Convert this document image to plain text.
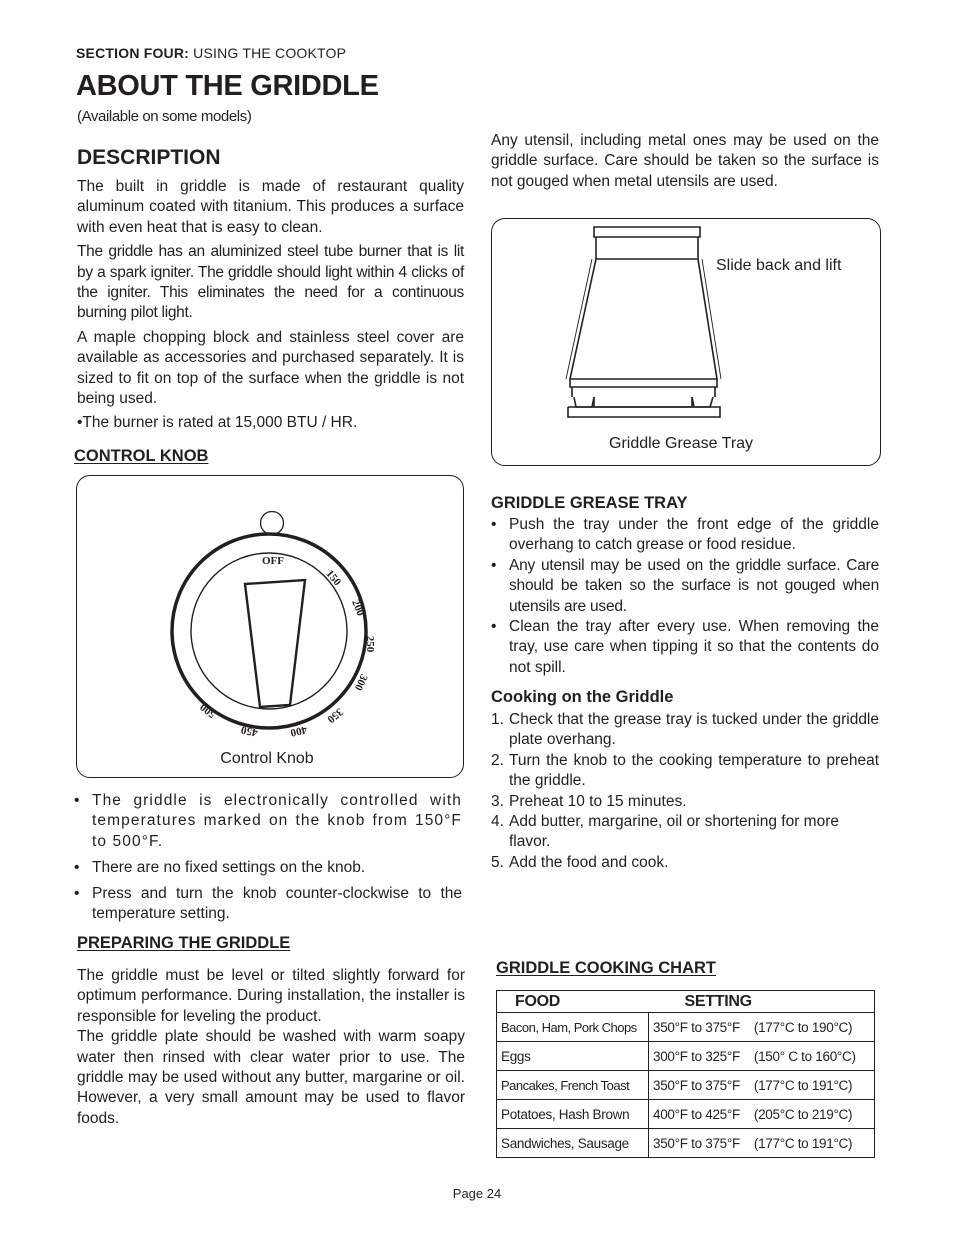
SECTION FOUR: USING THE COOKTOP
ABOUT THE GRIDDLE
(Available on some models)
DESCRIPTION
The built in griddle is made of restaurant quality aluminum coated with titanium. This produces a surface with even heat that is easy to clean.
The griddle has an aluminized steel tube burner that is lit by a spark igniter. The griddle should light within 4 clicks of the igniter. This eliminates the need for a continuous burning pilot light.
A maple chopping block and stainless steel cover are available as accessories and purchased separately. It is sized to fit on top of the surface when the griddle is not being used.
•The burner is rated at 15,000 BTU / HR.
CONTROL KNOB
OFF
150
200
250
300
350
400
450
500
Control Knob
• The griddle is electronically controlled with temperatures marked on the knob from 150°F to 500°F.
• There are no fixed settings on the knob.
• Press and turn the knob counter-clockwise to the temperature setting.
PREPARING THE GRIDDLE
The griddle must be level or tilted slightly forward for optimum performance. During installation, the installer is responsible for leveling the product.
The griddle plate should be washed with warm soapy water then rinsed with clear water prior to use. The griddle may be used without any butter, margarine or oil. However, a very small amount may be used to flavor foods.
Any utensil, including metal ones may be used on the griddle surface. Care should be taken so the surface is not gouged when metal utensils are used.
Slide back and lift
Griddle Grease Tray
GRIDDLE GREASE TRAY
• Push the tray under the front edge of the griddle overhang to catch grease or food residue.
• Any utensil may be used on the griddle surface. Care should be taken so the surface is not gouged when utensils are used.
• Clean the tray after every use. When removing the tray, use care when tipping it so that the contents do not spill.
Cooking on the Griddle
1. Check that the grease tray is tucked under the griddle plate overhang.
2. Turn the knob to the cooking temperature to preheat the griddle.
3. Preheat 10 to 15 minutes.
4. Add butter, margarine, oil or shortening for more flavor.
5. Add the food and cook.
GRIDDLE COOKING CHART
FOOD	SETTING
Bacon, Ham, Pork Chops	350°F to 375°F (177°C to 190°C)
Eggs	300°F to 325°F (150° C to 160°C)
Pancakes, French Toast	350°F to 375°F (177°C to 191°C)
Potatoes, Hash Brown	400°F to 425°F (205°C to 219°C)
Sandwiches, Sausage	350°F to 375°F (177°C to 191°C)
Page 24
